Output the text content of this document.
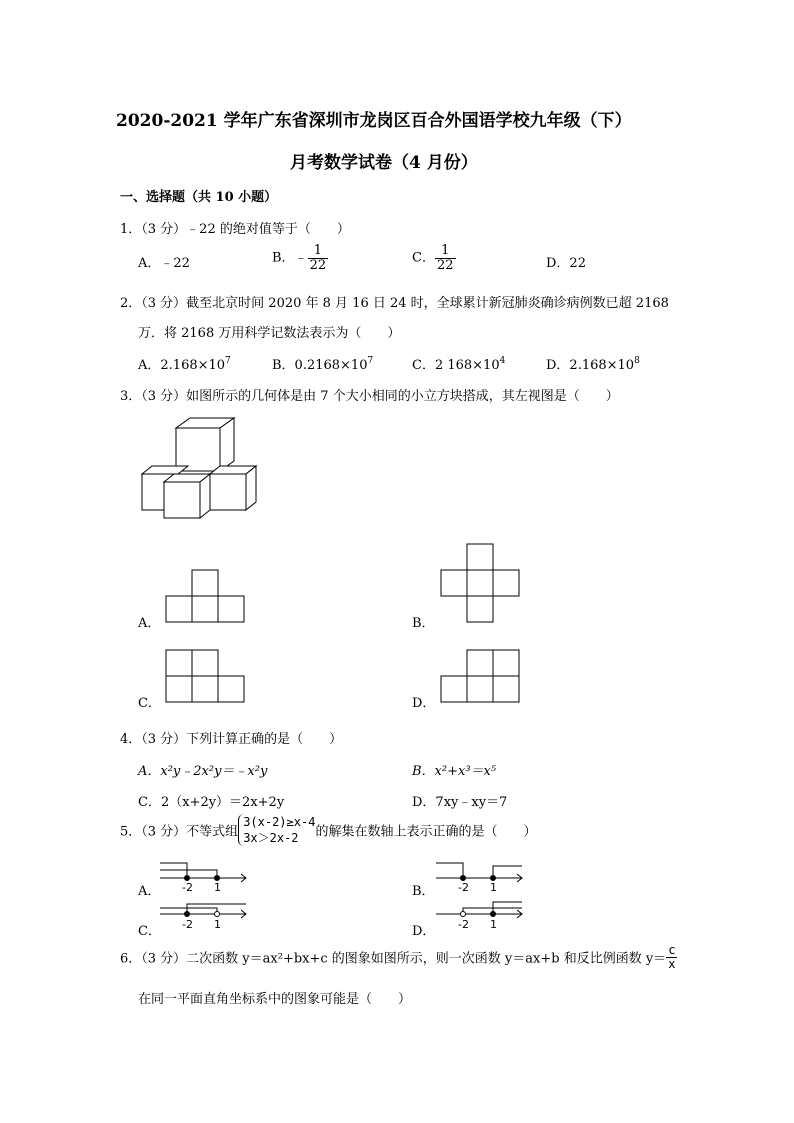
2020-2021 学年广东省深圳市龙岗区百合外国语学校九年级（下）
月考数学试卷（4 月份）
一、选择题（共 10 小题）
1．（3 分）﹣22 的绝对值等于（　　）
A．﹣22	B．﹣ $\frac{1}{22}$	C． $\frac{1}{22}$	D．22
2．（3 分）截至北京时间 2020 年 8 月 16 日 24 时，全球累计新冠肺炎确诊病例数已超 2168
万．将 2168 万用科学记数法表示为（　　）
A．$2.168\times 10^7$	B．$0.2168\times 10^7$	C．2 $168\times 10^4$	D．$2.168\times 10^8$
3．（3 分）如图所示的几何体是由 7 个大小相同的小立方块搭成，其左视图是（　　）
A．	B．
C．	D．
4．（3 分）下列计算正确的是（　　）
A．x²y﹣2x²y＝﹣x²y	B．x²+x³＝x⁵
C．2（x+2y）＝2x+2y	D．7xy﹣xy＝7
5．（3 分）不等式组
3(x-2)≥x-4
3x＞2x-2	的解集在数轴上表示正确的是（　　）
A． -2 1	B． -2 1
C． -2 1	D． -2 1
6．（3 分）二次函数 y＝ax²+bx+c 的图象如图所示，则一次函数 y＝ax+b 和反比例函数 $y= \frac{c}{x}$
在同一平面直角坐标系中的图象可能是（　　）
